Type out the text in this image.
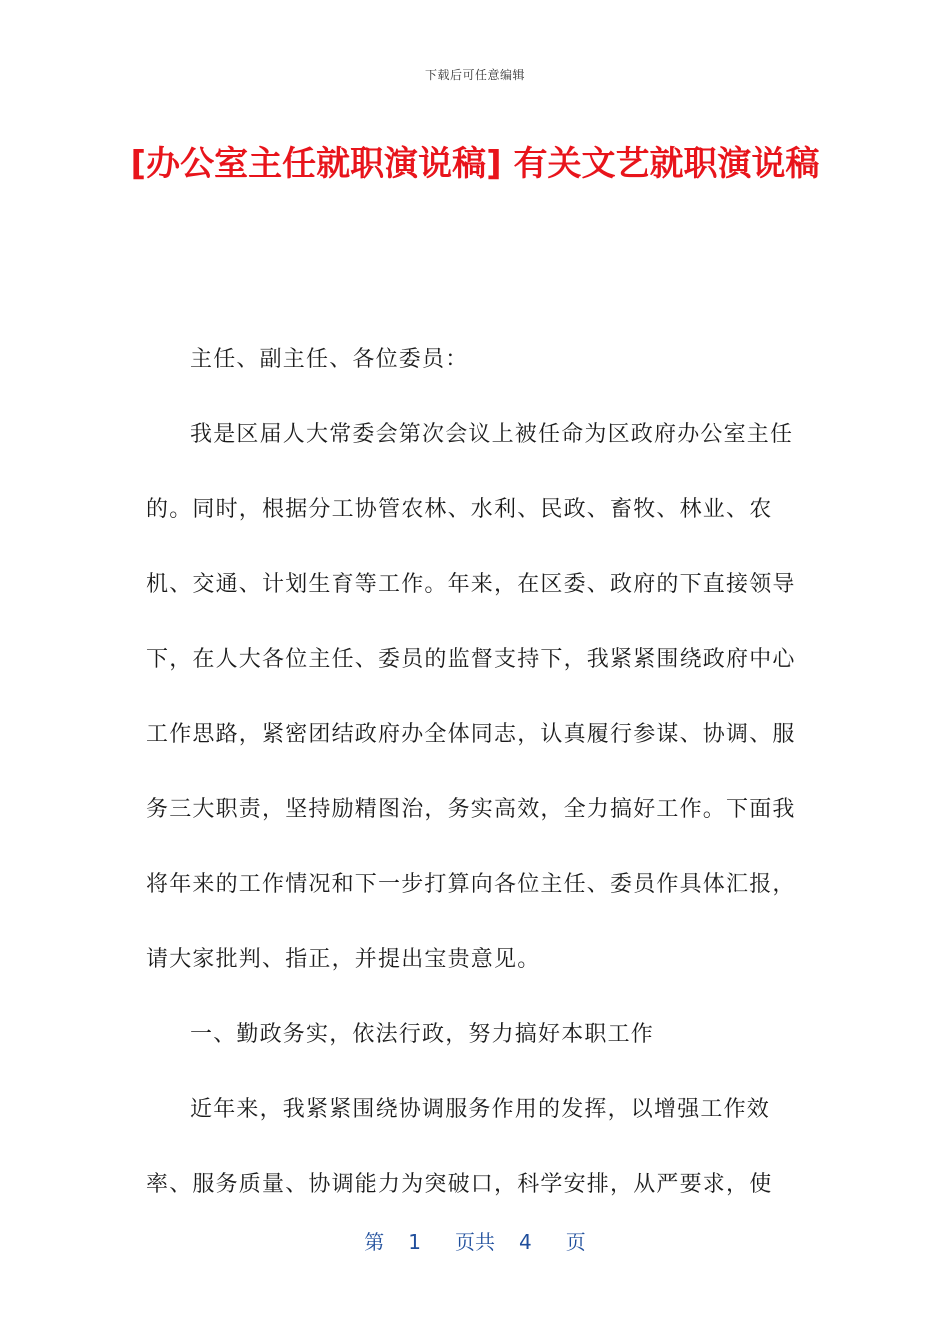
下载后可任意编辑
[办公室主任就职演说稿] 有关文艺就职演说稿

主任、副主任、各位委员：

我是区届人大常委会第次会议上被任命为区政府办公室主任的。同时，根据分工协管农林、水利、民政、畜牧、林业、农机、交通、计划生育等工作。年来，在区委、政府的下直接领导下，在人大各位主任、委员的监督支持下，我紧紧围绕政府中心工作思路，紧密团结政府办全体同志，认真履行参谋、协调、服务三大职责，坚持励精图治，务实高效，全力搞好工作。下面我将年来的工作情况和下一步打算向各位主任、委员作具体汇报，请大家批判、指正，并提出宝贵意见。

一、勤政务实，依法行政，努力搞好本职工作

近年来，我紧紧围绕协调服务作用的发挥，以增强工作效率、服务质量、协调能力为突破口，科学安排，从严要求，使

第 1 页共 4 页
